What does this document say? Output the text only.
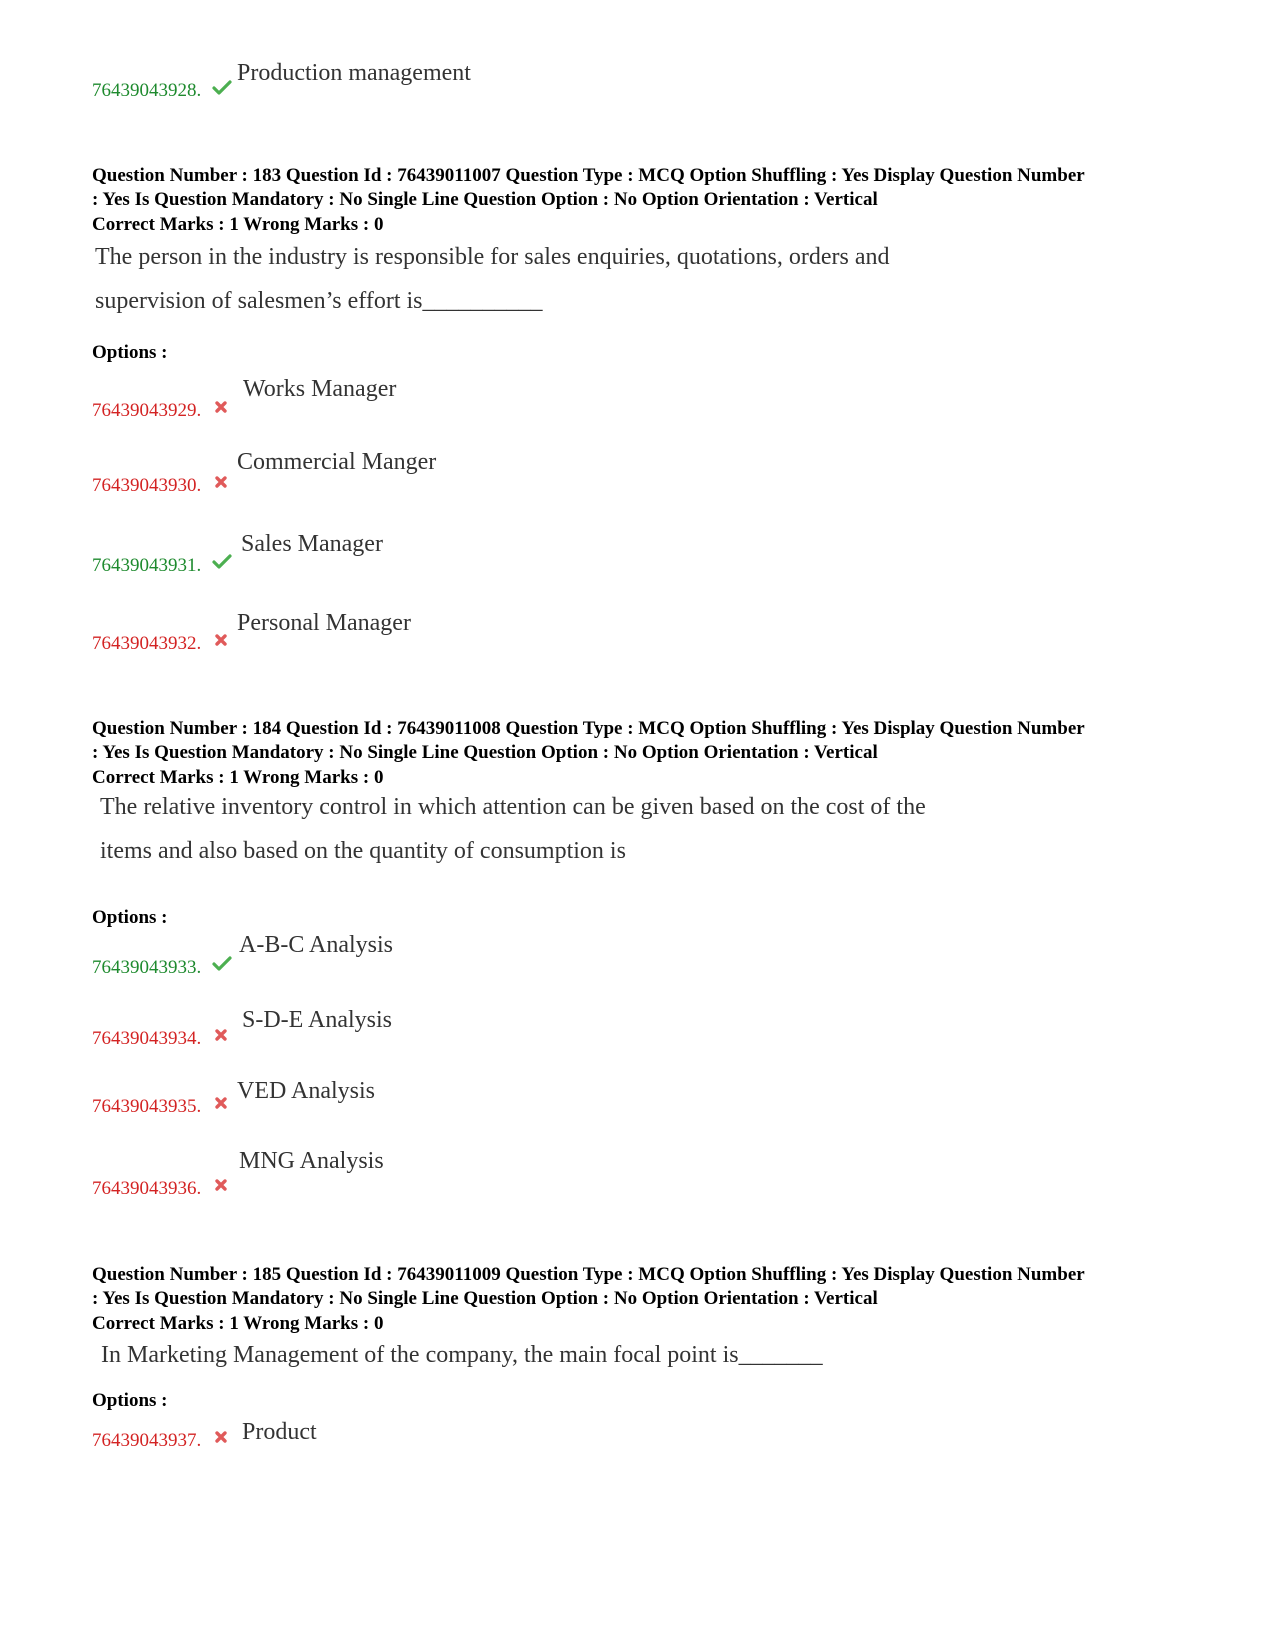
76439043928.
Production management
Question Number : 183 Question Id : 76439011007 Question Type : MCQ Option Shuffling : Yes Display Question Number
: Yes Is Question Mandatory : No Single Line Question Option : No Option Orientation : Vertical
Correct Marks : 1 Wrong Marks : 0
The person in the industry is responsible for sales enquiries, quotations, orders and
supervision of salesmen’s effort is__________
Options :
76439043929.
Works Manager
76439043930.
Commercial Manger
76439043931.
Sales Manager
76439043932.
Personal Manager
Question Number : 184 Question Id : 76439011008 Question Type : MCQ Option Shuffling : Yes Display Question Number
: Yes Is Question Mandatory : No Single Line Question Option : No Option Orientation : Vertical
Correct Marks : 1 Wrong Marks : 0
The relative inventory control in which attention can be given based on the cost of the
items and also based on the quantity of consumption is
Options :
76439043933.
A-B-C Analysis
76439043934.
S-D-E Analysis
76439043935.
VED Analysis
76439043936.
MNG Analysis
Question Number : 185 Question Id : 76439011009 Question Type : MCQ Option Shuffling : Yes Display Question Number
: Yes Is Question Mandatory : No Single Line Question Option : No Option Orientation : Vertical
Correct Marks : 1 Wrong Marks : 0
In Marketing Management of the company, the main focal point is_______
Options :
76439043937. Product
